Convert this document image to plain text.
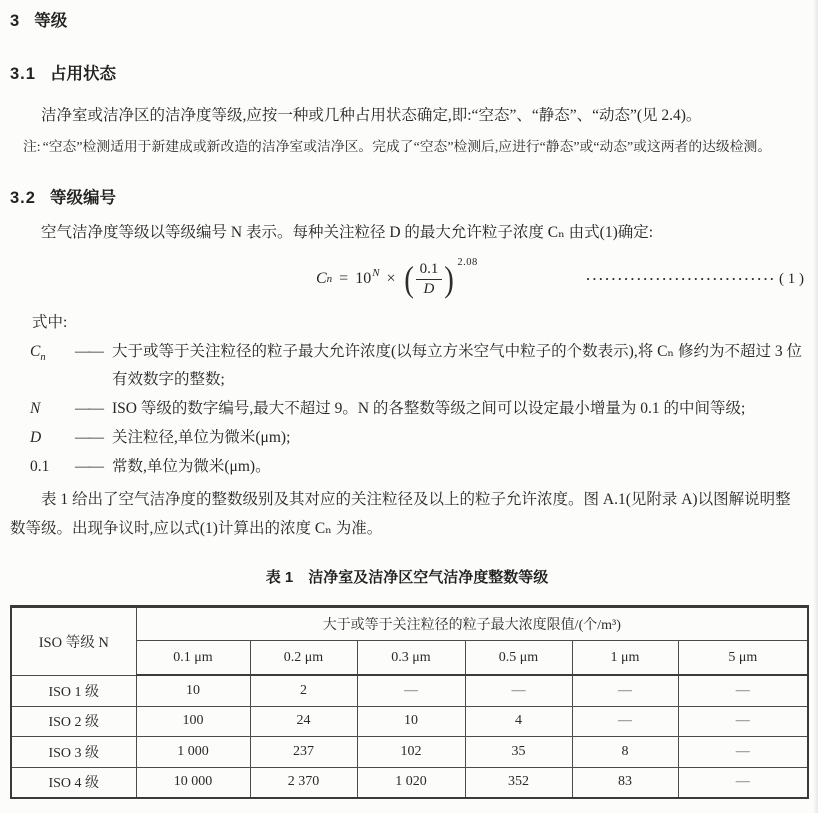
3 等级
3.1 占用状态

洁净室或洁净区的洁净度等级,应按一种或几种占用状态确定,即:“空态”、“静态”、“动态”(见 2.4)。

注: “空态”检测适用于新建成或新改造的洁净室或洁净区。完成了“空态”检测后,应进行“静态”或“动态”或这两者的达级检测。
3.2 等级编号

空气洁净度等级以等级编号 N 表示。每种关注粒径 D 的最大允许粒子浓度 Cₙ 由式(1)确定:

C n = 10 N × ( $\frac{0.1}{D}$ ) 2.08
······························ ( 1 )
式中:
$C_n$	—— 大于或等于关注粒径的粒子最大允许浓度(以每立方米空气中粒子的个数表示),将 Cₙ 修约为不超过 3 位有效数字的整数;
N	—— ISO 等级的数字编号,最大不超过 9。N 的各整数等级之间可以设定最小增量为 0.1 的中间等级;
D	—— 关注粒径,单位为微米(μm);
0.1	—— 常数,单位为微米(μm)。

表 1 给出了空气洁净度的整数级别及其对应的关注粒径及以上的粒子允许浓度。图 A.1(见附录 A)以图解说明整数等级。出现争议时,应以式(1)计算出的浓度 Cₙ 为准。

表 1 洁净室及洁净区空气洁净度整数等级
ISO 等级 N	大于或等于关注粒径的粒子最大浓度限值/(个/m³)					
	0.1 μm	0.2 μm	0.3 μm	0.5 μm	1 μm	5 μm
ISO 1 级	10	2	—	—	—	—
ISO 2 级	100	24	10	4	—	—
ISO 3 级	1 000	237	102	35	8	—
ISO 4 级	10 000	2 370	1 020	352	83	—
